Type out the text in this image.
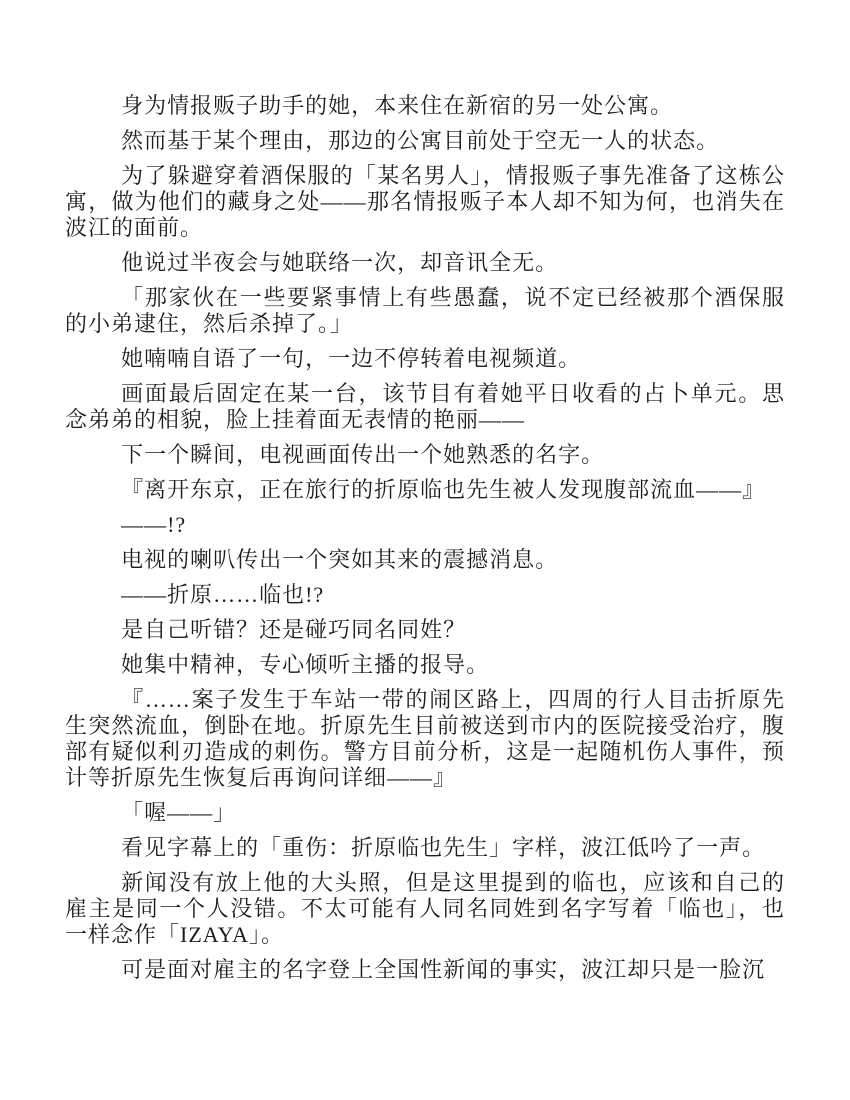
身为情报贩子助手的她，本来住在新宿的另一处公寓。

然而基于某个理由，那边的公寓目前处于空无一人的状态。

为了躲避穿着酒保服的「某名男人」，情报贩子事先准备了这栋公寓，做为他们的藏身之处——那名情报贩子本人却不知为何，也消失在波江的面前。

他说过半夜会与她联络一次，却音讯全无。

「那家伙在一些要紧事情上有些愚蠢，说不定已经被那个酒保服的小弟逮住，然后杀掉了。」

她喃喃自语了一句，一边不停转着电视频道。

画面最后固定在某一台，该节目有着她平日收看的占卜单元。思念弟弟的相貌，脸上挂着面无表情的艳丽——

下一个瞬间，电视画面传出一个她熟悉的名字。

『离开东京，正在旅行的折原临也先生被人发现腹部流血——』

——!?

电视的喇叭传出一个突如其来的震撼消息。

——折原……临也!?

是自己听错？还是碰巧同名同姓？

她集中精神，专心倾听主播的报导。

『……案子发生于车站一带的闹区路上，四周的行人目击折原先生突然流血，倒卧在地。折原先生目前被送到市内的医院接受治疗，腹部有疑似利刃造成的刺伤。警方目前分析，这是一起随机伤人事件，预计等折原先生恢复后再询问详细——』

「喔——」

看见字幕上的「重伤：折原临也先生」字样，波江低吟了一声。

新闻没有放上他的大头照，但是这里提到的临也，应该和自己的雇主是同一个人没错。不太可能有人同名同姓到名字写着「临也」，也一样念作「IZAYA」。

可是面对雇主的名字登上全国性新闻的事实，波江却只是一脸沉
